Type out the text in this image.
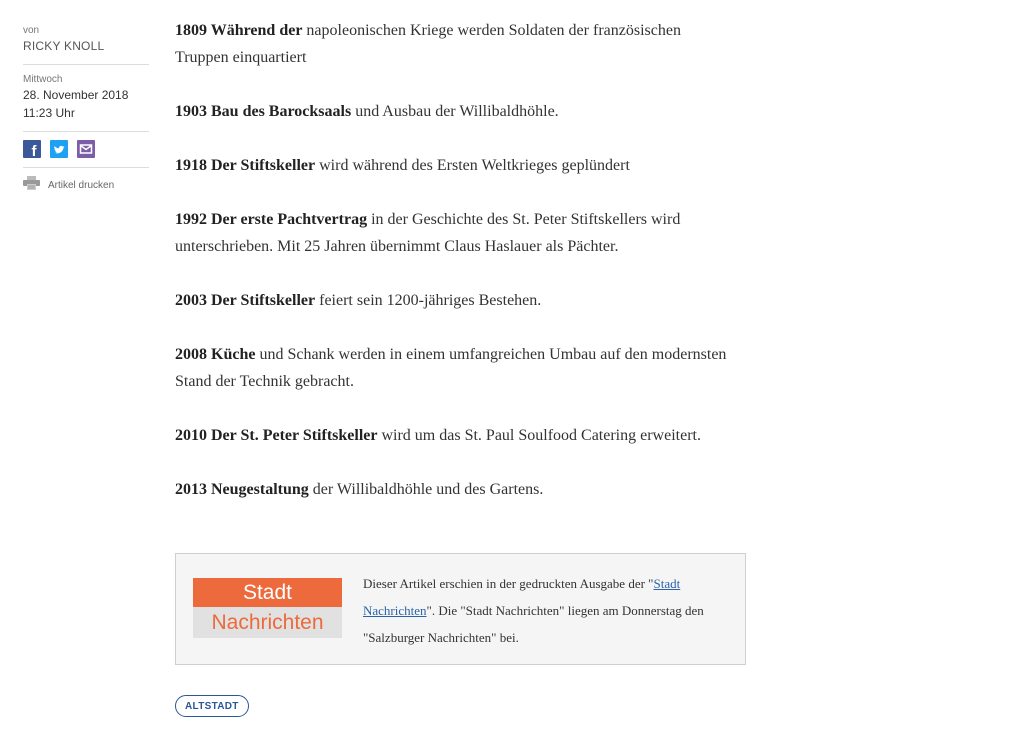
von
RICKY KNOLL
Mittwoch
28. November 2018
11:23 Uhr
f
Artikel drucken

1809 Während der napoleonischen Kriege werden Soldaten der französischen Truppen einquartiert

1903 Bau des Barocksaals und Ausbau der Willibaldhöhle.

1918 Der Stiftskeller wird während des Ersten Weltkrieges geplündert

1992 Der erste Pachtvertrag in der Geschichte des St. Peter Stiftskellers wird unterschrieben. Mit 25 Jahren übernimmt Claus Haslauer als Pächter.

2003 Der Stiftskeller feiert sein 1200-jähriges Bestehen.

2008 Küche und Schank werden in einem umfangreichen Umbau auf den modernsten Stand der Technik gebracht.

2010 Der St. Peter Stiftskeller wird um das St. Paul Soulfood Catering erweitert.

2013 Neugestaltung der Willibaldhöhle und des Gartens.

Stadt
Nachrichten
Dieser Artikel erschien in der gedruckten Ausgabe der "Stadt Nachrichten". Die "Stadt Nachrichten" liegen am Donnerstag den "Salzburger Nachrichten" bei.
ALTSTADT
